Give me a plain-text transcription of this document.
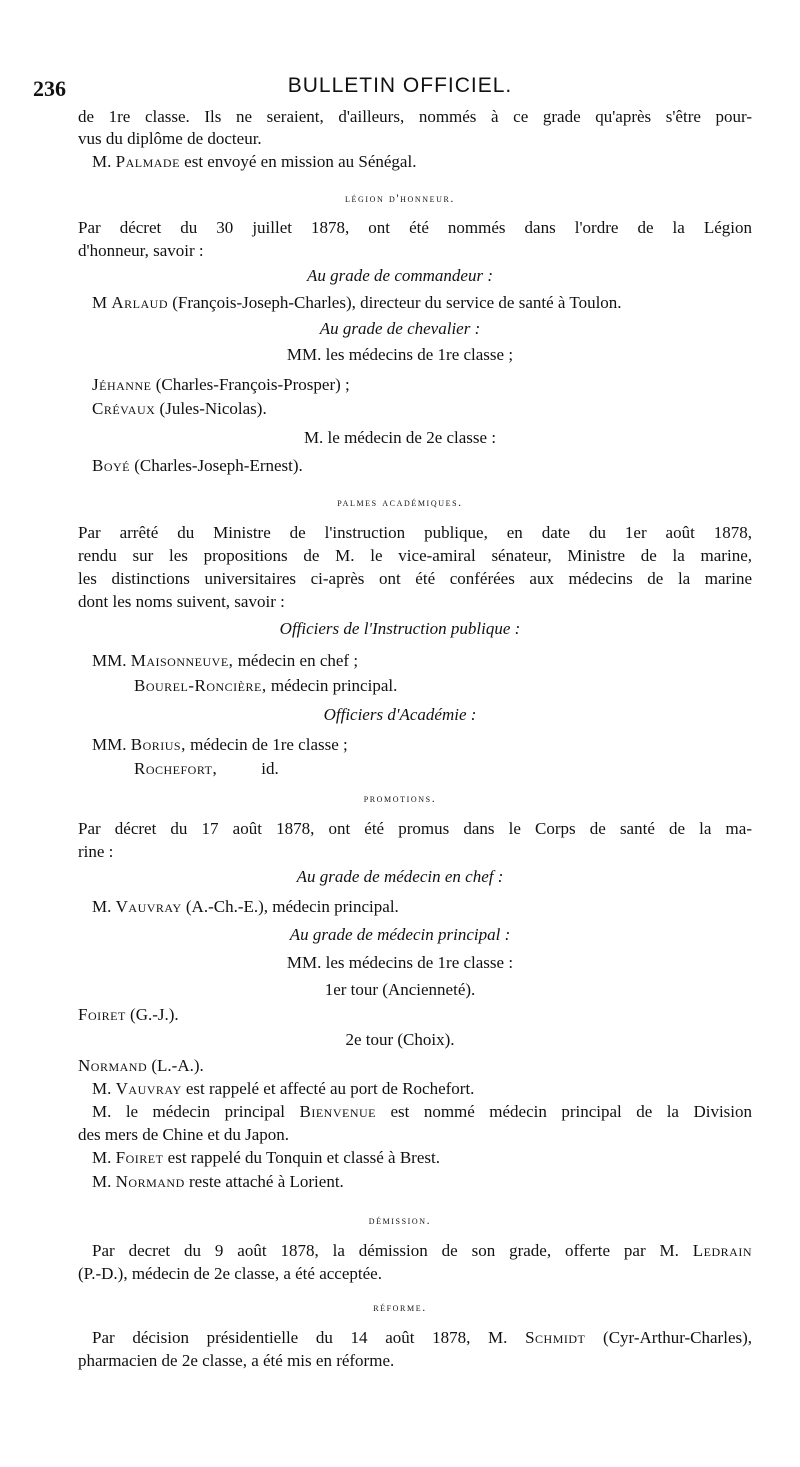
236	BULLETIN OFFICIEL.
de 1re classe. Ils ne seraient, d'ailleurs, nommés à ce grade qu'après s'être pour-
vus du diplôme de docteur.
M. Palmade est envoyé en mission au Sénégal.
légion d'honneur.
Par décret du 30 juillet 1878, ont été nommés dans l'ordre de la Légion
d'honneur, savoir :
Au grade de commandeur :
M Arlaud (François-Joseph-Charles), directeur du service de santé à Toulon.
Au grade de chevalier :
MM. les médecins de 1re classe ;
Jéhanne (Charles-François-Prosper) ;
Crévaux (Jules-Nicolas).
M. le médecin de 2e classe :
Boyé (Charles-Joseph-Ernest).
palmes académiques.
Par arrêté du Ministre de l'instruction publique, en date du 1er août 1878,
rendu sur les propositions de M. le vice-amiral sénateur, Ministre de la marine,
les distinctions universitaires ci-après ont été conférées aux médecins de la marine
dont les noms suivent, savoir :
Officiers de l'Instruction publique :
MM. Maisonneuve, médecin en chef ;
Bourel-Roncière, médecin principal.
Officiers d'Académie :
MM. Borius, médecin de 1re classe ;
Rochefort,	id.
promotions.
Par décret du 17 août 1878, ont été promus dans le Corps de santé de la ma-
rine :
Au grade de médecin en chef :
M. Vauvray (A.-Ch.-E.), médecin principal.
Au grade de médecin principal :
MM. les médecins de 1re classe :
1er tour (Ancienneté).
Foiret (G.-J.).
2e tour (Choix).
Normand (L.-A.).
M. Vauvray est rappelé et affecté au port de Rochefort.
M. le médecin principal Bienvenue est nommé médecin principal de la Division
des mers de Chine et du Japon.
M. Foiret est rappelé du Tonquin et classé à Brest.
M. Normand reste attaché à Lorient.
démission.
Par decret du 9 août 1878, la démission de son grade, offerte par M. Ledrain
(P.-D.), médecin de 2e classe, a été acceptée.
réforme.
Par décision présidentielle du 14 août 1878, M. Schmidt (Cyr-Arthur-Charles),
pharmacien de 2e classe, a été mis en réforme.
